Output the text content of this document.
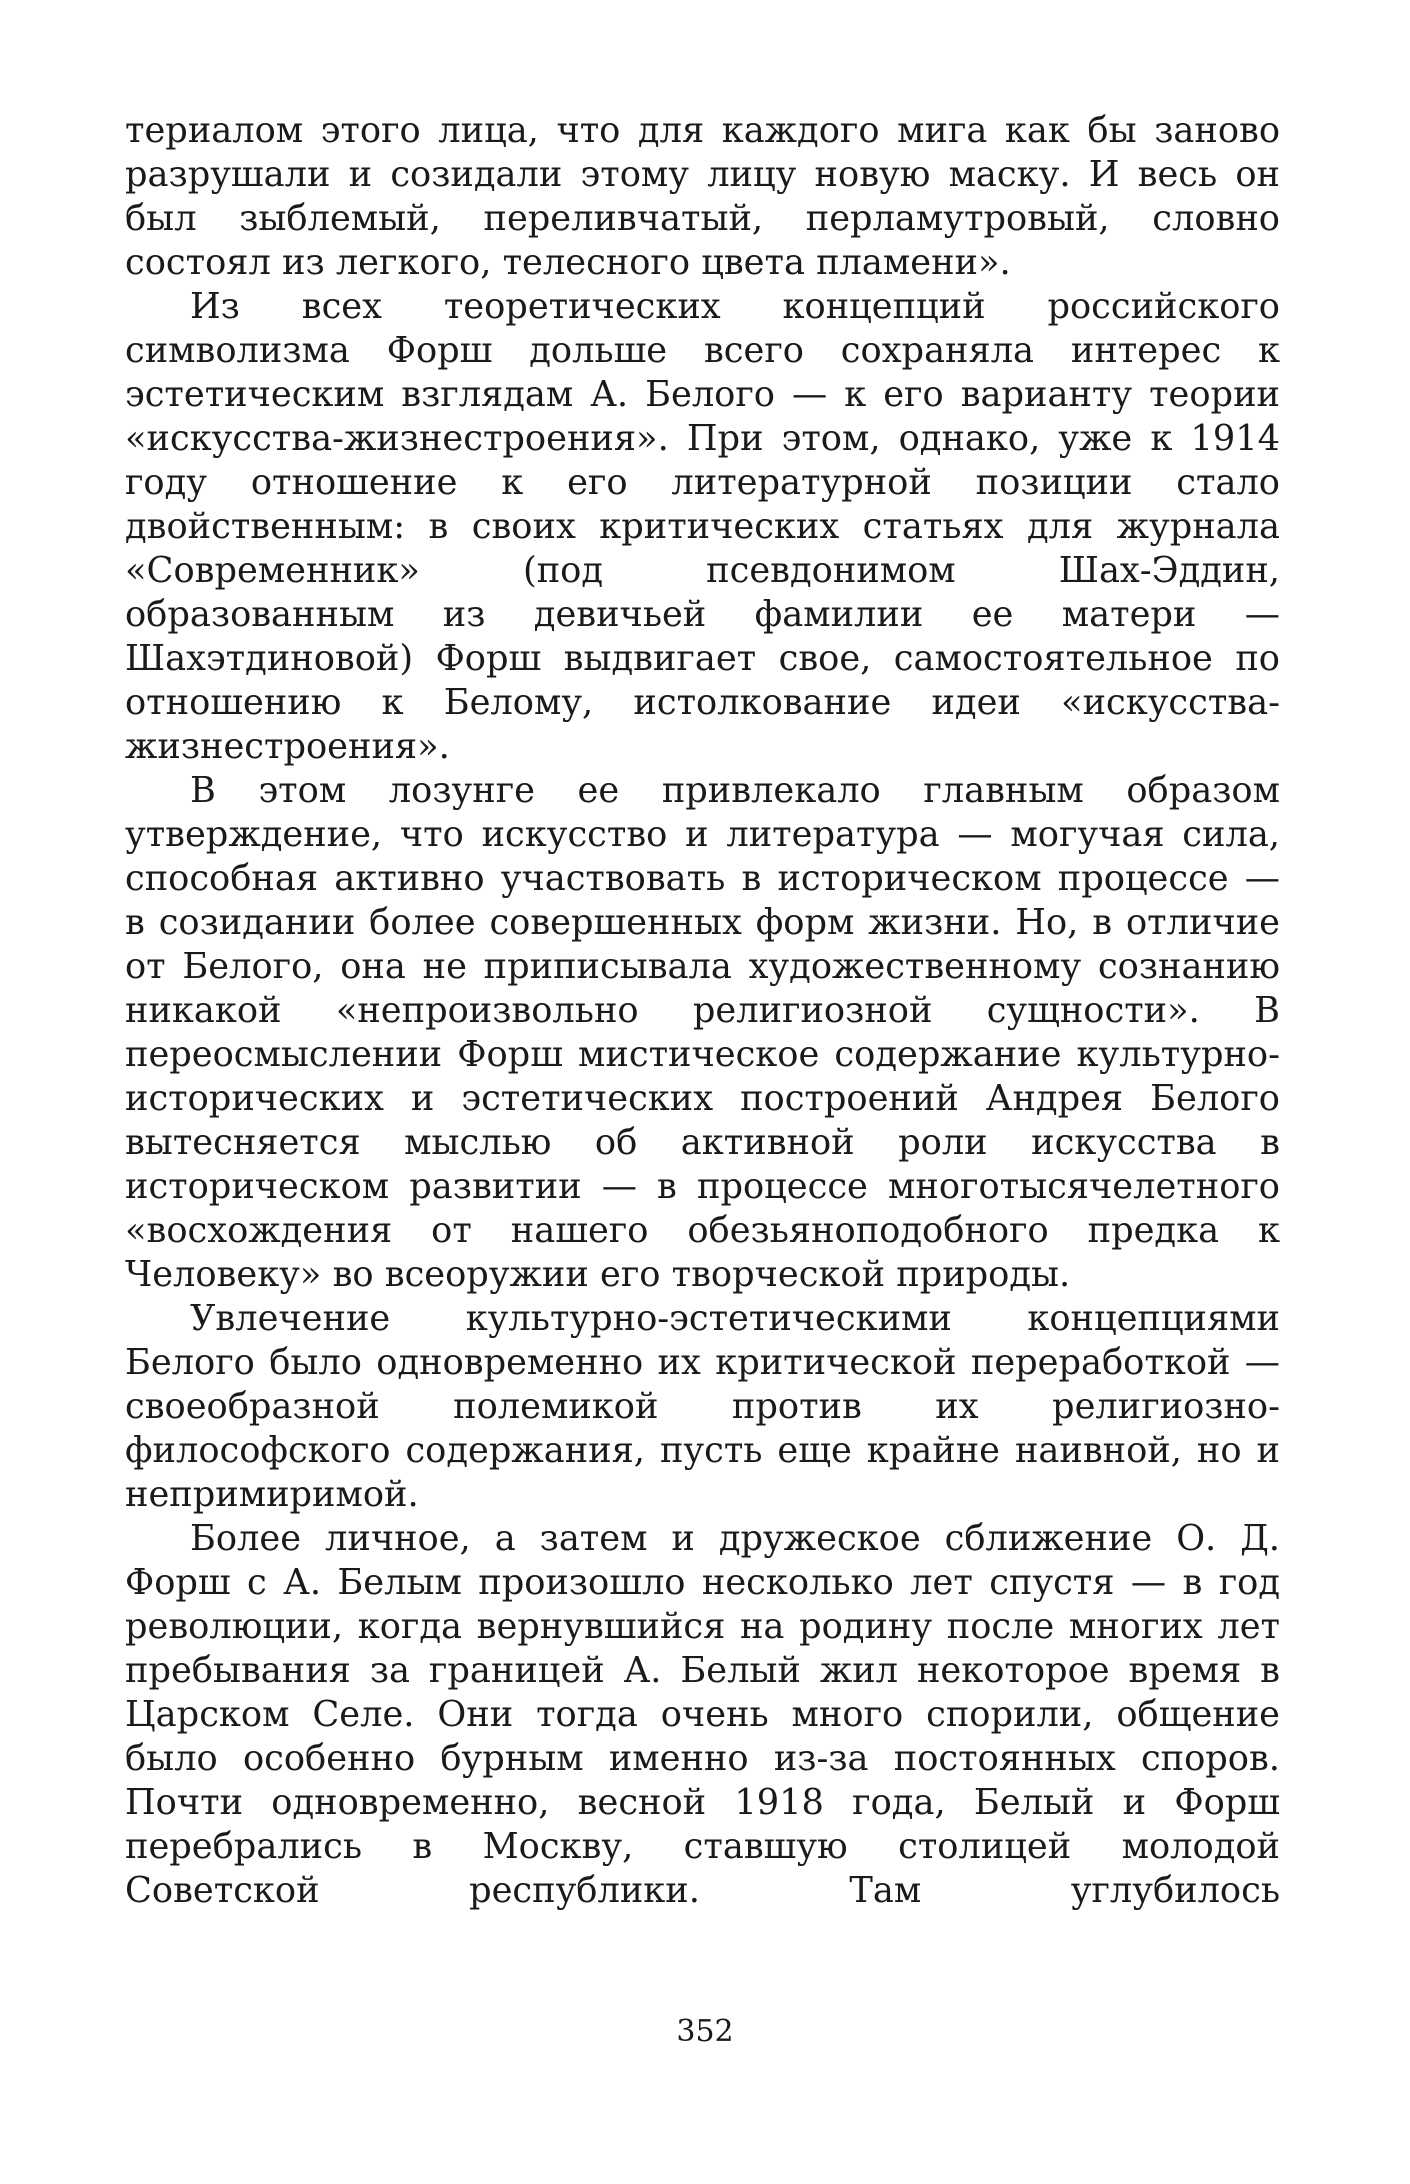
териалом этого лица, что для каждого мига как бы заново разрушали и созидали этому лицу новую маску. И весь он был зыблемый, переливчатый, перламутровый, словно состоял из легкого, телесного цвета пламени».

Из всех теоретических концепций российского символизма Форш дольше всего сохраняла интерес к эстетическим взглядам А. Белого — к его варианту теории «искусства-жизнестроения». При этом, однако, уже к 1914 году отношение к его литературной позиции стало двойственным: в своих критических статьях для журнала «Современник» (под псевдонимом Шах-Эддин, образованным из девичьей фамилии ее матери — Шахэтдиновой) Форш выдвигает свое, самостоятельное по отношению к Белому, истолкование идеи «искусства-жизнестроения».

В этом лозунге ее привлекало главным образом утверждение, что искусство и литература — могучая сила, способная активно участвовать в историческом процессе — в созидании более совершенных форм жизни. Но, в отличие от Белого, она не приписывала художественному сознанию никакой «непроизвольно религиозной сущности». В переосмыслении Форш мистическое содержание культурно-исторических и эстетических построений Андрея Белого вытесняется мыслью об активной роли искусства в историческом развитии — в процессе многотысячелетного «восхождения от нашего обезьяноподобного предка к Человеку» во всеоружии его творческой природы.

Увлечение культурно-эстетическими концепциями Белого было одновременно их критической переработкой — своеобразной полемикой против их религиозно-философского содержания, пусть еще крайне наивной, но и непримиримой.

Более личное, а затем и дружеское сближение О. Д. Форш с А. Белым произошло несколько лет спустя — в год революции, когда вернувшийся на родину после многих лет пребывания за границей А. Белый жил некоторое время в Царском Селе. Они тогда очень много спорили, общение было особенно бурным именно из-за постоянных споров. Почти одновременно, весной 1918 года, Белый и Форш перебрались в Москву, ставшую столицей молодой Советской республики. Там углубилось

352
